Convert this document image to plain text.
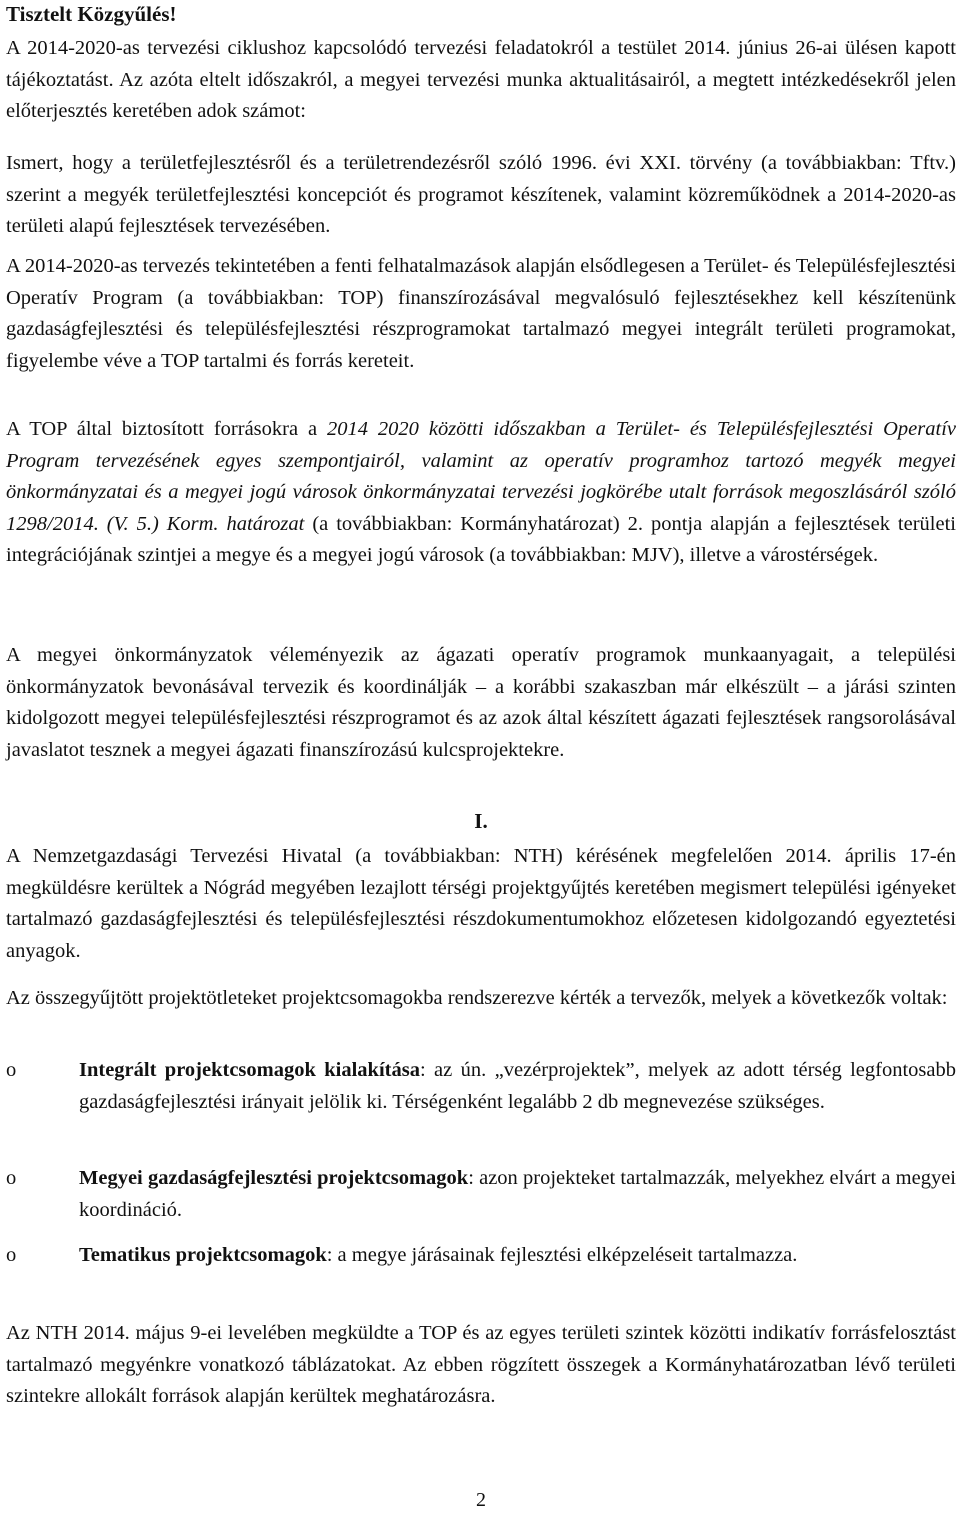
Tisztelt Közgyűlés!

A 2014-2020-as tervezési ciklushoz kapcsolódó tervezési feladatokról a testület 2014. június 26-ai ülésen kapott tájékoztatást. Az azóta eltelt időszakról, a megyei tervezési munka aktualitásairól, a megtett intézkedésekről jelen előterjesztés keretében adok számot:

Ismert, hogy a területfejlesztésről és a területrendezésről szóló 1996. évi XXI. törvény (a továbbiakban: Tftv.) szerint a megyék területfejlesztési koncepciót és programot készítenek, valamint közreműködnek a 2014-2020-as területi alapú fejlesztések tervezésében.

A 2014-2020-as tervezés tekintetében a fenti felhatalmazások alapján elsődlegesen a Terület- és Településfejlesztési Operatív Program (a továbbiakban: TOP) finanszírozásával megvalósuló fejlesztésekhez kell készítenünk gazdaságfejlesztési és településfejlesztési részprogramokat tartalmazó megyei integrált területi programokat, figyelembe véve a TOP tartalmi és forrás kereteit.

A TOP által biztosított forrásokra a 2014 2020 közötti időszakban a Terület- és Településfejlesztési Operatív Program tervezésének egyes szempontjairól, valamint az operatív programhoz tartozó megyék megyei önkormányzatai és a megyei jogú városok önkormányzatai tervezési jogkörébe utalt források megoszlásáról szóló 1298/2014. (V. 5.) Korm. határozat (a továbbiakban: Kormányhatározat) 2. pontja alapján a fejlesztések területi integrációjának szintjei a megye és a megyei jogú városok (a továbbiakban: MJV), illetve a várostérségek.

A megyei önkormányzatok véleményezik az ágazati operatív programok munkaanyagait, a települési önkormányzatok bevonásával tervezik és koordinálják – a korábbi szakaszban már elkészült – a járási szinten kidolgozott megyei településfejlesztési részprogramot és az azok által készített ágazati fejlesztések rangsorolásával javaslatot tesznek a megyei ágazati finanszírozású kulcsprojektekre.

I.

A Nemzetgazdasági Tervezési Hivatal (a továbbiakban: NTH) kérésének megfelelően 2014. április 17-én megküldésre kerültek a Nógrád megyében lezajlott térségi projektgyűjtés keretében megismert települési igényeket tartalmazó gazdaságfejlesztési és településfejlesztési részdokumentumokhoz előzetesen kidolgozandó egyeztetési anyagok.

Az összegyűjtött projektötleteket projektcsomagokba rendszerezve kérték a tervezők, melyek a következők voltak:

o	Integrált projektcsomagok kialakítása: az ún. „vezérprojektek”, melyek az adott térség legfontosabb gazdaságfejlesztési irányait jelölik ki. Térségenként legalább 2 db megnevezése szükséges.

o	Megyei gazdaságfejlesztési projektcsomagok: azon projekteket tartalmazzák, melyekhez elvárt a megyei koordináció.

o	Tematikus projektcsomagok: a megye járásainak fejlesztési elképzeléseit tartalmazza.

Az NTH 2014. május 9-ei levelében megküldte a TOP és az egyes területi szintek közötti indikatív forrásfelosztást tartalmazó megyénkre vonatkozó táblázatokat. Az ebben rögzített összegek a Kormányhatározatban lévő területi szintekre allokált források alapján kerültek meghatározásra.

2
